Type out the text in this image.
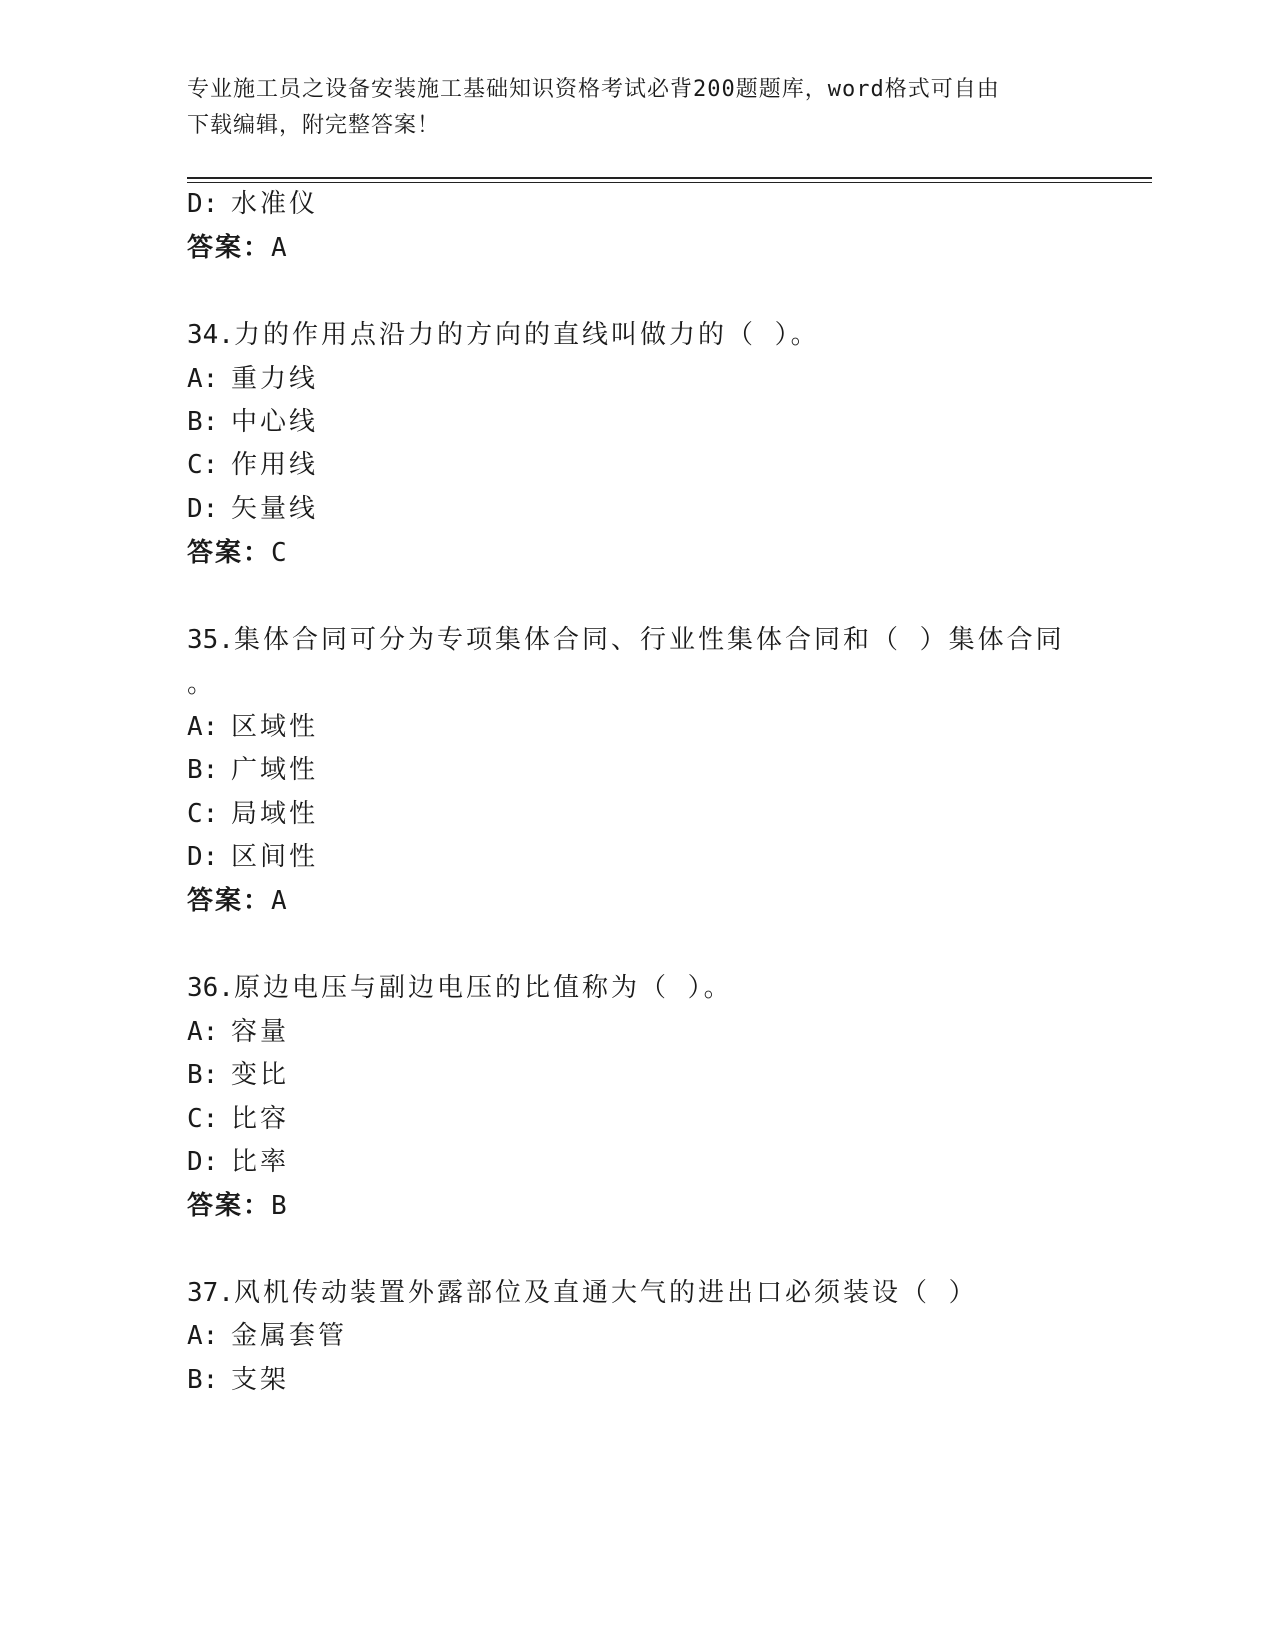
专业施工员之设备安装施工基础知识资格考试必背200题题库，word格式可自由
下载编辑，附完整答案！
D: 水准仪
答案：A
34.力的作用点沿力的方向的直线叫做力的（ ）。
A: 重力线
B: 中心线
C: 作用线
D: 矢量线
答案：C
35.集体合同可分为专项集体合同、行业性集体合同和（ ）集体合同
。
A: 区域性
B: 广域性
C: 局域性
D: 区间性
答案：A
36.原边电压与副边电压的比值称为（ ）。
A: 容量
B: 变比
C: 比容
D: 比率
答案：B
37.风机传动装置外露部位及直通大气的进出口必须装设（ ）
A: 金属套管
B: 支架
